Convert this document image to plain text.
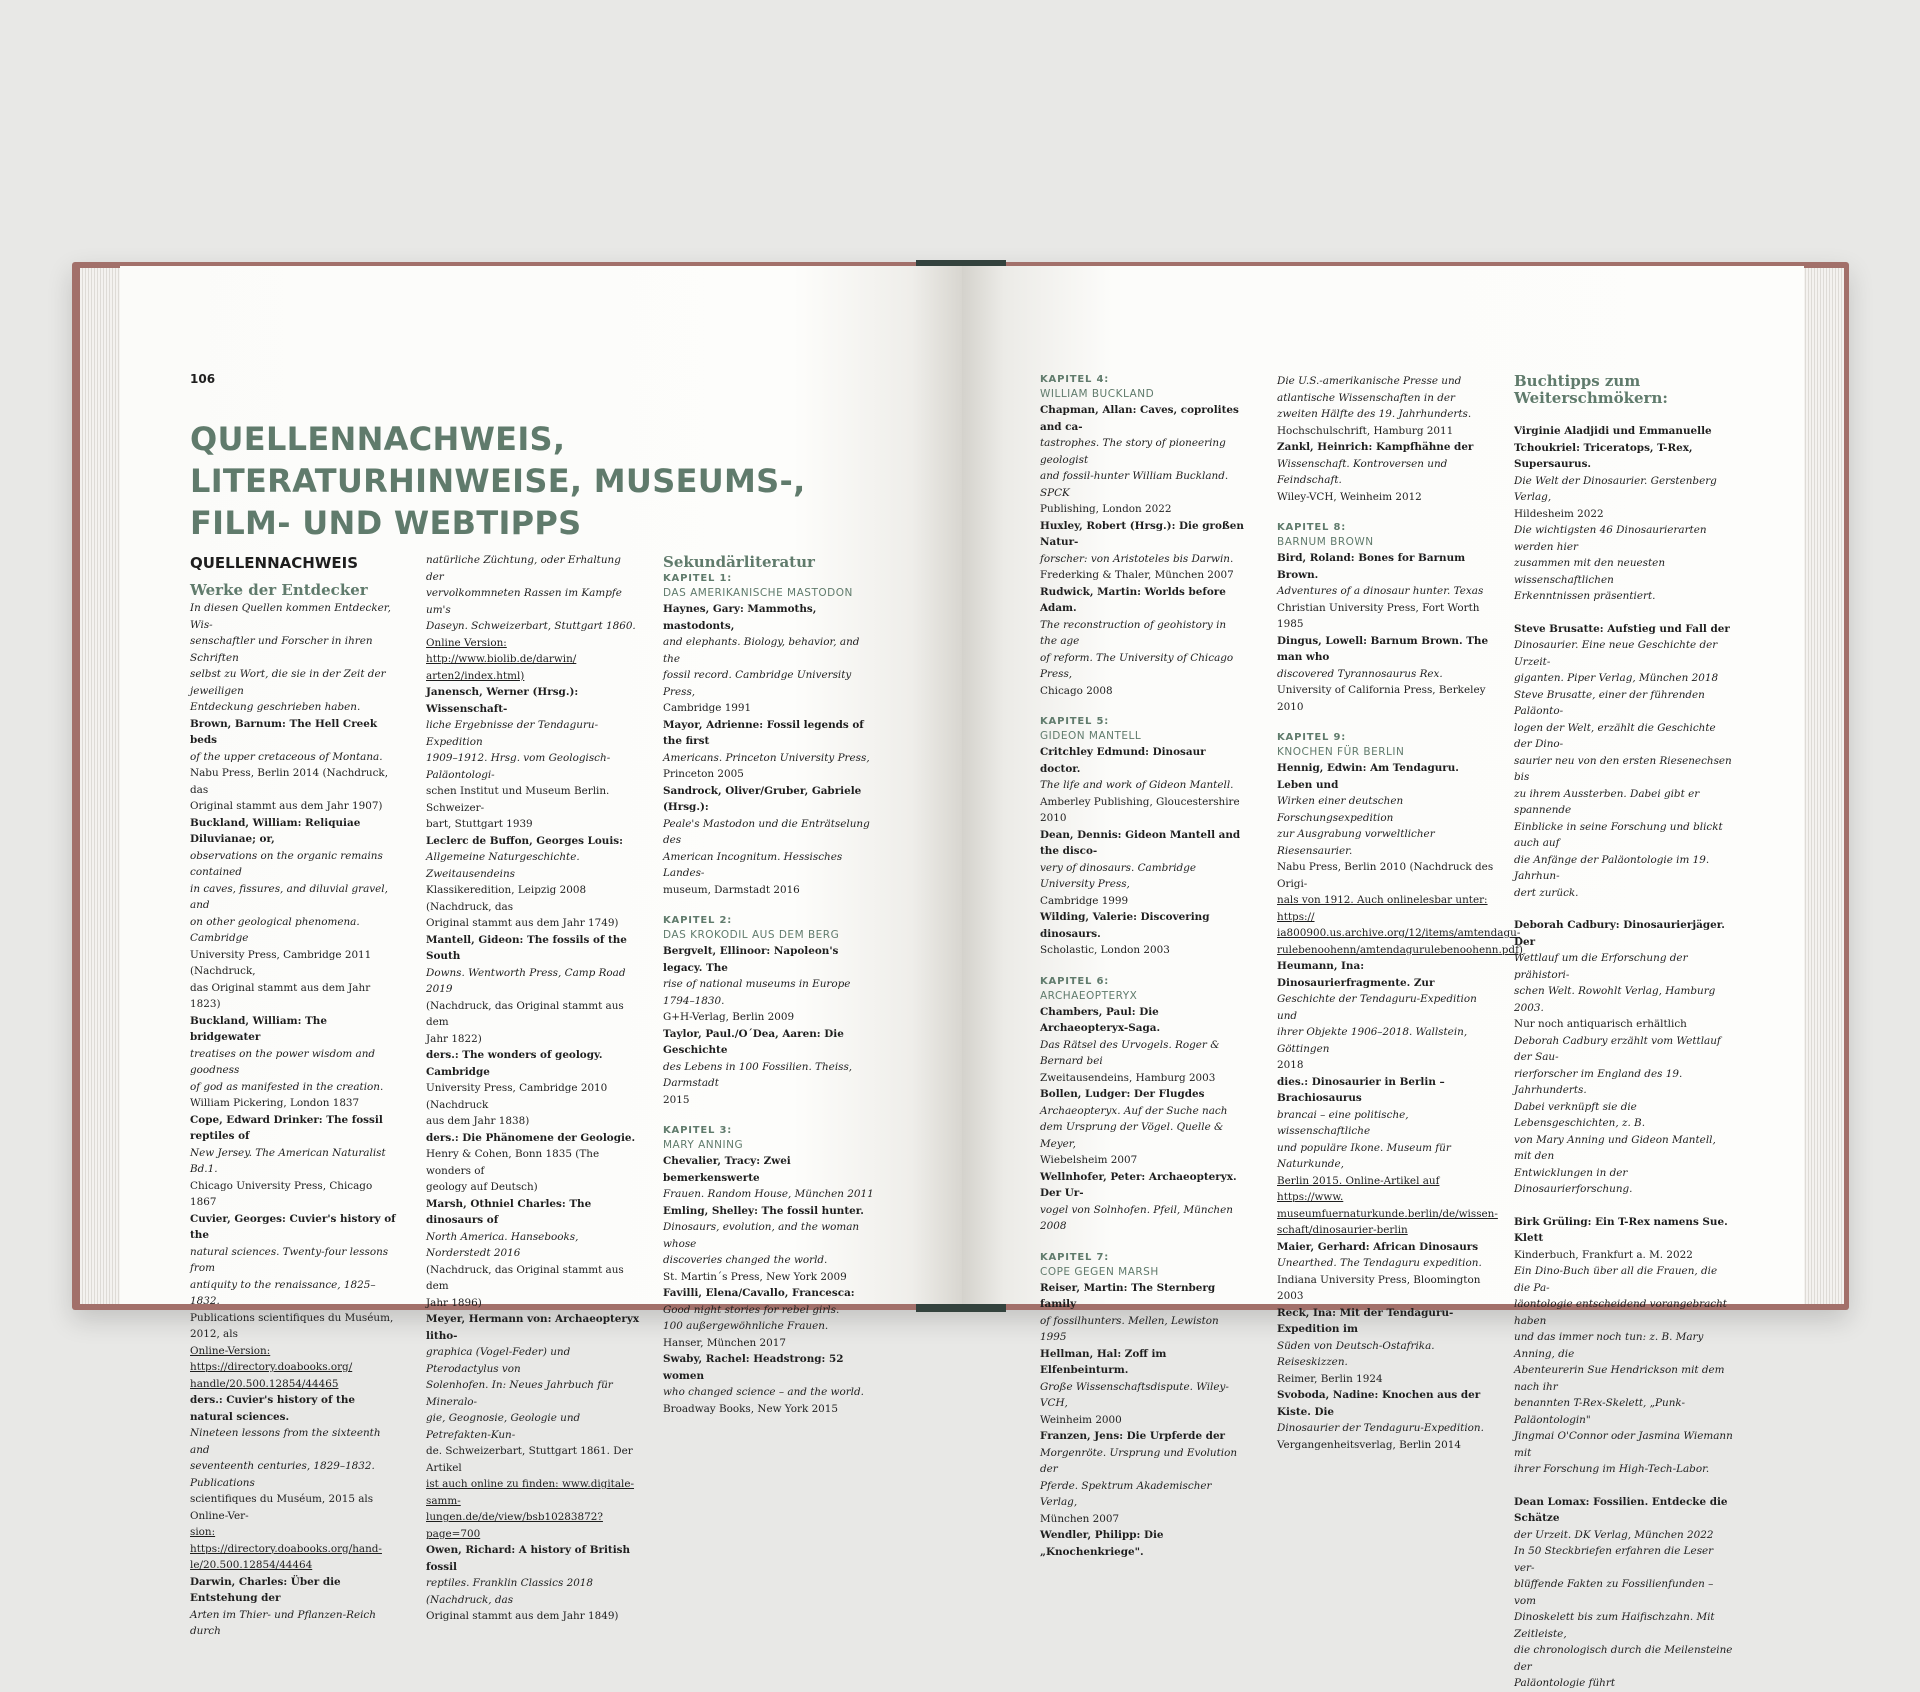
106
QUELLENNACHWEIS, LITERATURHINWEISE, MUSEUMS-, FILM- UND WEBTIPPS
QUELLENNACHWEIS
Werke der Entdecker

In diesen Quellen kommen Entdecker, Wis-

senschaftler und Forscher in ihren Schriften

selbst zu Wort, die sie in der Zeit der jeweiligen

Entdeckung geschrieben haben.

Brown, Barnum: The Hell Creek beds

of the upper cretaceous of Montana.

Nabu Press, Berlin 2014 (Nachdruck, das

Original stammt aus dem Jahr 1907)

Buckland, William: Reliquiae Diluvianae; or,

observations on the organic remains contained

in caves, fissures, and diluvial gravel, and

on other geological phenomena. Cambridge

University Press, Cambridge 2011 (Nachdruck,

das Original stammt aus dem Jahr 1823)

Buckland, William: The bridgewater

treatises on the power wisdom and goodness

of god as manifested in the creation.

William Pickering, London 1837

Cope, Edward Drinker: The fossil reptiles of

New Jersey. The American Naturalist Bd.1.

Chicago University Press, Chicago 1867

Cuvier, Georges: Cuvier's history of the

natural sciences. Twenty-four lessons from

antiquity to the renaissance, 1825–1832.

Publications scientifiques du Muséum, 2012, als

Online-Version: https://directory.doabooks.org/

handle/20.500.12854/44465

ders.: Cuvier's history of the natural sciences.

Nineteen lessons from the sixteenth and

seventeenth centuries, 1829–1832. Publications

scientifiques du Muséum, 2015 als Online-Ver-

sion: https://directory.doabooks.org/hand-

le/20.500.12854/44464

Darwin, Charles: Über die Entstehung der

Arten im Thier- und Pflanzen-Reich durch

natürliche Züchtung, oder Erhaltung der

vervolkommneten Rassen im Kampfe um's

Daseyn. Schweizerbart, Stuttgart 1860.

Online Version: http://www.biolib.de/darwin/

arten2/index.html)

Janensch, Werner (Hrsg.): Wissenschaft-

liche Ergebnisse der Tendaguru-Expedition

1909–1912. Hrsg. vom Geologisch-Paläontologi-

schen Institut und Museum Berlin. Schweizer-

bart, Stuttgart 1939

Leclerc de Buffon, Georges Louis:

Allgemeine Naturgeschichte. Zweitausendeins

Klassikeredition, Leipzig 2008 (Nachdruck, das

Original stammt aus dem Jahr 1749)

Mantell, Gideon: The fossils of the South

Downs. Wentworth Press, Camp Road 2019

(Nachdruck, das Original stammt aus dem

Jahr 1822)

ders.: The wonders of geology. Cambridge

University Press, Cambridge 2010 (Nachdruck

aus dem Jahr 1838)

ders.: Die Phänomene der Geologie.

Henry & Cohen, Bonn 1835 (The wonders of

geology auf Deutsch)

Marsh, Othniel Charles: The dinosaurs of

North America. Hansebooks, Norderstedt 2016

(Nachdruck, das Original stammt aus dem

Jahr 1896)

Meyer, Hermann von: Archaeopteryx litho-

graphica (Vogel-Feder) und Pterodactylus von

Solenhofen. In: Neues Jahrbuch für Mineralo-

gie, Geognosie, Geologie und Petrefakten-Kun-

de. Schweizerbart, Stuttgart 1861. Der Artikel

ist auch online zu finden: www.digitale-samm-

lungen.de/de/view/bsb10283872?page=700

Owen, Richard: A history of British fossil

reptiles. Franklin Classics 2018 (Nachdruck, das

Original stammt aus dem Jahr 1849)

Sekundärliteratur
KAPITEL 1:
DAS AMERIKANISCHE MASTODON

Haynes, Gary: Mammoths, mastodonts,

and elephants. Biology, behavior, and the

fossil record. Cambridge University Press,

Cambridge 1991

Mayor, Adrienne: Fossil legends of the first

Americans. Princeton University Press,

Princeton 2005

Sandrock, Oliver/Gruber, Gabriele (Hrsg.):

Peale's Mastodon und die Enträtselung des

American Incognitum. Hessisches Landes-

museum, Darmstadt 2016

KAPITEL 2:
DAS KROKODIL AUS DEM BERG

Bergvelt, Ellinoor: Napoleon's legacy. The

rise of national museums in Europe 1794–1830.

G+H-Verlag, Berlin 2009

Taylor, Paul./O´Dea, Aaren: Die Geschichte

des Lebens in 100 Fossilien. Theiss, Darmstadt

2015

KAPITEL 3:
MARY ANNING

Chevalier, Tracy: Zwei bemerkenswerte

Frauen. Random House, München 2011

Emling, Shelley: The fossil hunter.

Dinosaurs, evolution, and the woman whose

discoveries changed the world.

St. Martin´s Press, New York 2009

Favilli, Elena/Cavallo, Francesca:

Good night stories for rebel girls.

100 außergewöhnliche Frauen.

Hanser, München 2017

Swaby, Rachel: Headstrong: 52 women

who changed science – and the world.

Broadway Books, New York 2015

KAPITEL 4:
WILLIAM BUCKLAND

Chapman, Allan: Caves, coprolites and ca-

tastrophes. The story of pioneering geologist

and fossil-hunter William Buckland. SPCK

Publishing, London 2022

Huxley, Robert (Hrsg.): Die großen Natur-

forscher: von Aristoteles bis Darwin.

Frederking & Thaler, München 2007

Rudwick, Martin: Worlds before Adam.

The reconstruction of geohistory in the age

of reform. The University of Chicago Press,

Chicago 2008

KAPITEL 5:
GIDEON MANTELL

Critchley Edmund: Dinosaur doctor.

The life and work of Gideon Mantell.

Amberley Publishing, Gloucestershire 2010

Dean, Dennis: Gideon Mantell and the disco-

very of dinosaurs. Cambridge University Press,

Cambridge 1999

Wilding, Valerie: Discovering dinosaurs.

Scholastic, London 2003

KAPITEL 6:
ARCHAEOPTERYX

Chambers, Paul: Die Archaeopteryx-Saga.

Das Rätsel des Urvogels. Roger & Bernard bei

Zweitausendeins, Hamburg 2003

Bollen, Ludger: Der Flugdes

Archaeopteryx. Auf der Suche nach

dem Ursprung der Vögel. Quelle & Meyer,

Wiebelsheim 2007

Wellnhofer, Peter: Archaeopteryx. Der Ur-

vogel von Solnhofen. Pfeil, München 2008

KAPITEL 7:
COPE GEGEN MARSH

Reiser, Martin: The Sternberg family

of fossilhunters. Mellen, Lewiston 1995

Hellman, Hal: Zoff im Elfenbeinturm.

Große Wissenschaftsdispute. Wiley-VCH,

Weinheim 2000

Franzen, Jens: Die Urpferde der

Morgenröte. Ursprung und Evolution der

Pferde. Spektrum Akademischer Verlag,

München 2007

Wendler, Philipp: Die „Knochenkriege".

Die U.S.-amerikanische Presse und

atlantische Wissenschaften in der

zweiten Hälfte des 19. Jahrhunderts.

Hochschulschrift, Hamburg 2011

Zankl, Heinrich: Kampfhähne der

Wissenschaft. Kontroversen und Feindschaft.

Wiley-VCH, Weinheim 2012

KAPITEL 8:
BARNUM BROWN

Bird, Roland: Bones for Barnum Brown.

Adventures of a dinosaur hunter. Texas

Christian University Press, Fort Worth 1985

Dingus, Lowell: Barnum Brown. The man who

discovered Tyrannosaurus Rex.

University of California Press, Berkeley 2010

KAPITEL 9:
KNOCHEN FÜR BERLIN

Hennig, Edwin: Am Tendaguru. Leben und

Wirken einer deutschen Forschungsexpedition

zur Ausgrabung vorweltlicher Riesensaurier.

Nabu Press, Berlin 2010 (Nachdruck des Origi-

nals von 1912. Auch onlinelesbar unter: https://

ia800900.us.archive.org/12/items/amtendagu-

rulebenoohenn/amtendagurulebenoohenn.pdf)

Heumann, Ina: Dinosaurierfragmente. Zur

Geschichte der Tendaguru-Expedition und

ihrer Objekte 1906–2018. Wallstein, Göttingen

2018

dies.: Dinosaurier in Berlin – Brachiosaurus

brancai – eine politische, wissenschaftliche

und populäre Ikone. Museum für Naturkunde,

Berlin 2015. Online-Artikel auf https://www.

museumfuernaturkunde.berlin/de/wissen-

schaft/dinosaurier-berlin

Maier, Gerhard: African Dinosaurs

Unearthed. The Tendaguru expedition.

Indiana University Press, Bloomington 2003

Reck, Ina: Mit der Tendaguru-Expedition im

Süden von Deutsch-Ostafrika. Reiseskizzen.

Reimer, Berlin 1924

Svoboda, Nadine: Knochen aus der Kiste. Die

Dinosaurier der Tendaguru-Expedition.

Vergangenheitsverlag, Berlin 2014

Buchtipps zum Weiterschmökern:

Virginie Aladjidi und Emmanuelle

Tchoukriel: Triceratops, T-Rex, Supersaurus.

Die Welt der Dinosaurier. Gerstenberg Verlag,

Hildesheim 2022

Die wichtigsten 46 Dinosaurierarten werden hier

zusammen mit den neuesten wissenschaftlichen

Erkenntnissen präsentiert.

Steve Brusatte: Aufstieg und Fall der

Dinosaurier. Eine neue Geschichte der Urzeit-

giganten. Piper Verlag, München 2018

Steve Brusatte, einer der führenden Paläonto-

logen der Welt, erzählt die Geschichte der Dino-

saurier neu von den ersten Riesenechsen bis

zu ihrem Aussterben. Dabei gibt er spannende

Einblicke in seine Forschung und blickt auch auf

die Anfänge der Paläontologie im 19. Jahrhun-

dert zurück.

Deborah Cadbury: Dinosaurierjäger. Der

Wettlauf um die Erforschung der prähistori-

schen Welt. Rowohlt Verlag, Hamburg 2003.

Nur noch antiquarisch erhältlich

Deborah Cadbury erzählt vom Wettlauf der Sau-

rierforscher im England des 19. Jahrhunderts.

Dabei verknüpft sie die Lebensgeschichten, z. B.

von Mary Anning und Gideon Mantell, mit den

Entwicklungen in der Dinosaurierforschung.

Birk Grüling: Ein T-Rex namens Sue. Klett

Kinderbuch, Frankfurt a. M. 2022

Ein Dino-Buch über all die Frauen, die die Pa-

läontologie entscheidend vorangebracht haben

und das immer noch tun: z. B. Mary Anning, die

Abenteurerin Sue Hendrickson mit dem nach ihr

benannten T-Rex-Skelett, „Punk-Paläontologin"

Jingmai O'Connor oder Jasmina Wiemann mit

ihrer Forschung im High-Tech-Labor.

Dean Lomax: Fossilien. Entdecke die Schätze

der Urzeit. DK Verlag, München 2022

In 50 Steckbriefen erfahren die Leser ver-

blüffende Fakten zu Fossilienfunden – vom

Dinoskelett bis zum Haifischzahn. Mit Zeitleiste,

die chronologisch durch die Meilensteine der

Paläontologie führt
